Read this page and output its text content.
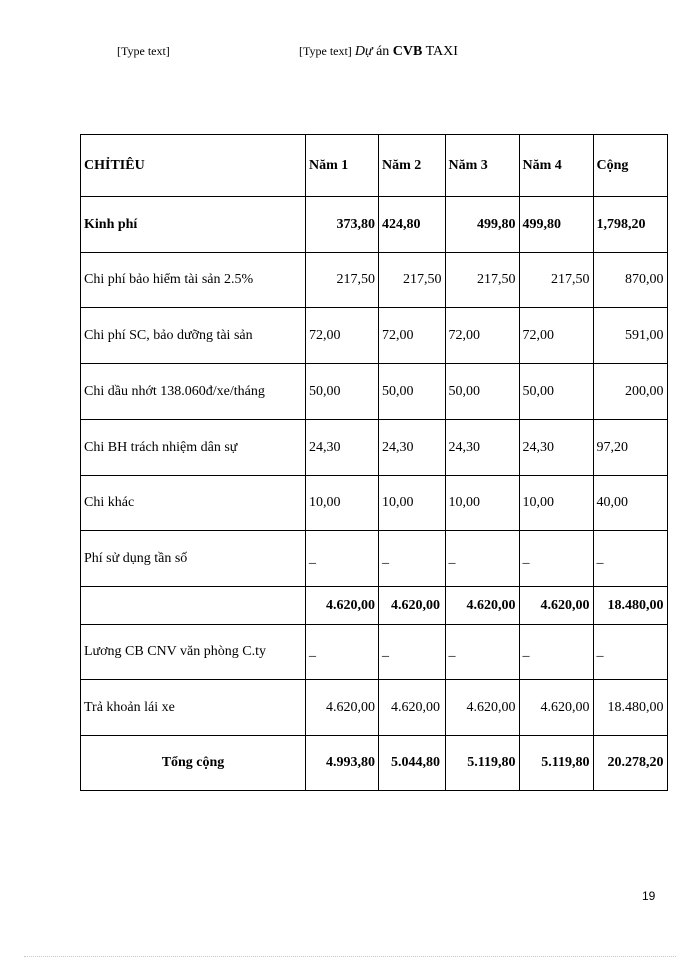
[Type text]	[Type text] Dự án CVB TAXI
CHỈTIÊU	Năm 1	Năm 2	Năm 3	Năm 4	Cộng
Kinh phí	373,80	424,80	499,80	499,80	1,798,20
Chi phí bảo hiểm tài sản 2.5%	217,50	217,50	217,50	217,50	870,00
Chi phí SC, bảo dưỡng tài sản	72,00	72,00	72,00	72,00	591,00
Chi dầu nhớt 138.060đ/xe/tháng	50,00	50,00	50,00	50,00	200,00
Chi BH trách nhiệm dân sự	24,30	24,30	24,30	24,30	97,20
Chi khác	10,00	10,00	10,00	10,00	40,00
Phí sử dụng tần số	_	_	_	_	_
	4.620,00	4.620,00	4.620,00	4.620,00	18.480,00
Lương CB CNV văn phòng C.ty	_	_	_	_	_
Trả khoản lái xe	4.620,00	4.620,00	4.620,00	4.620,00	18.480,00
Tổng cộng	4.993,80	5.044,80	5.119,80	5.119,80	20.278,20
19
